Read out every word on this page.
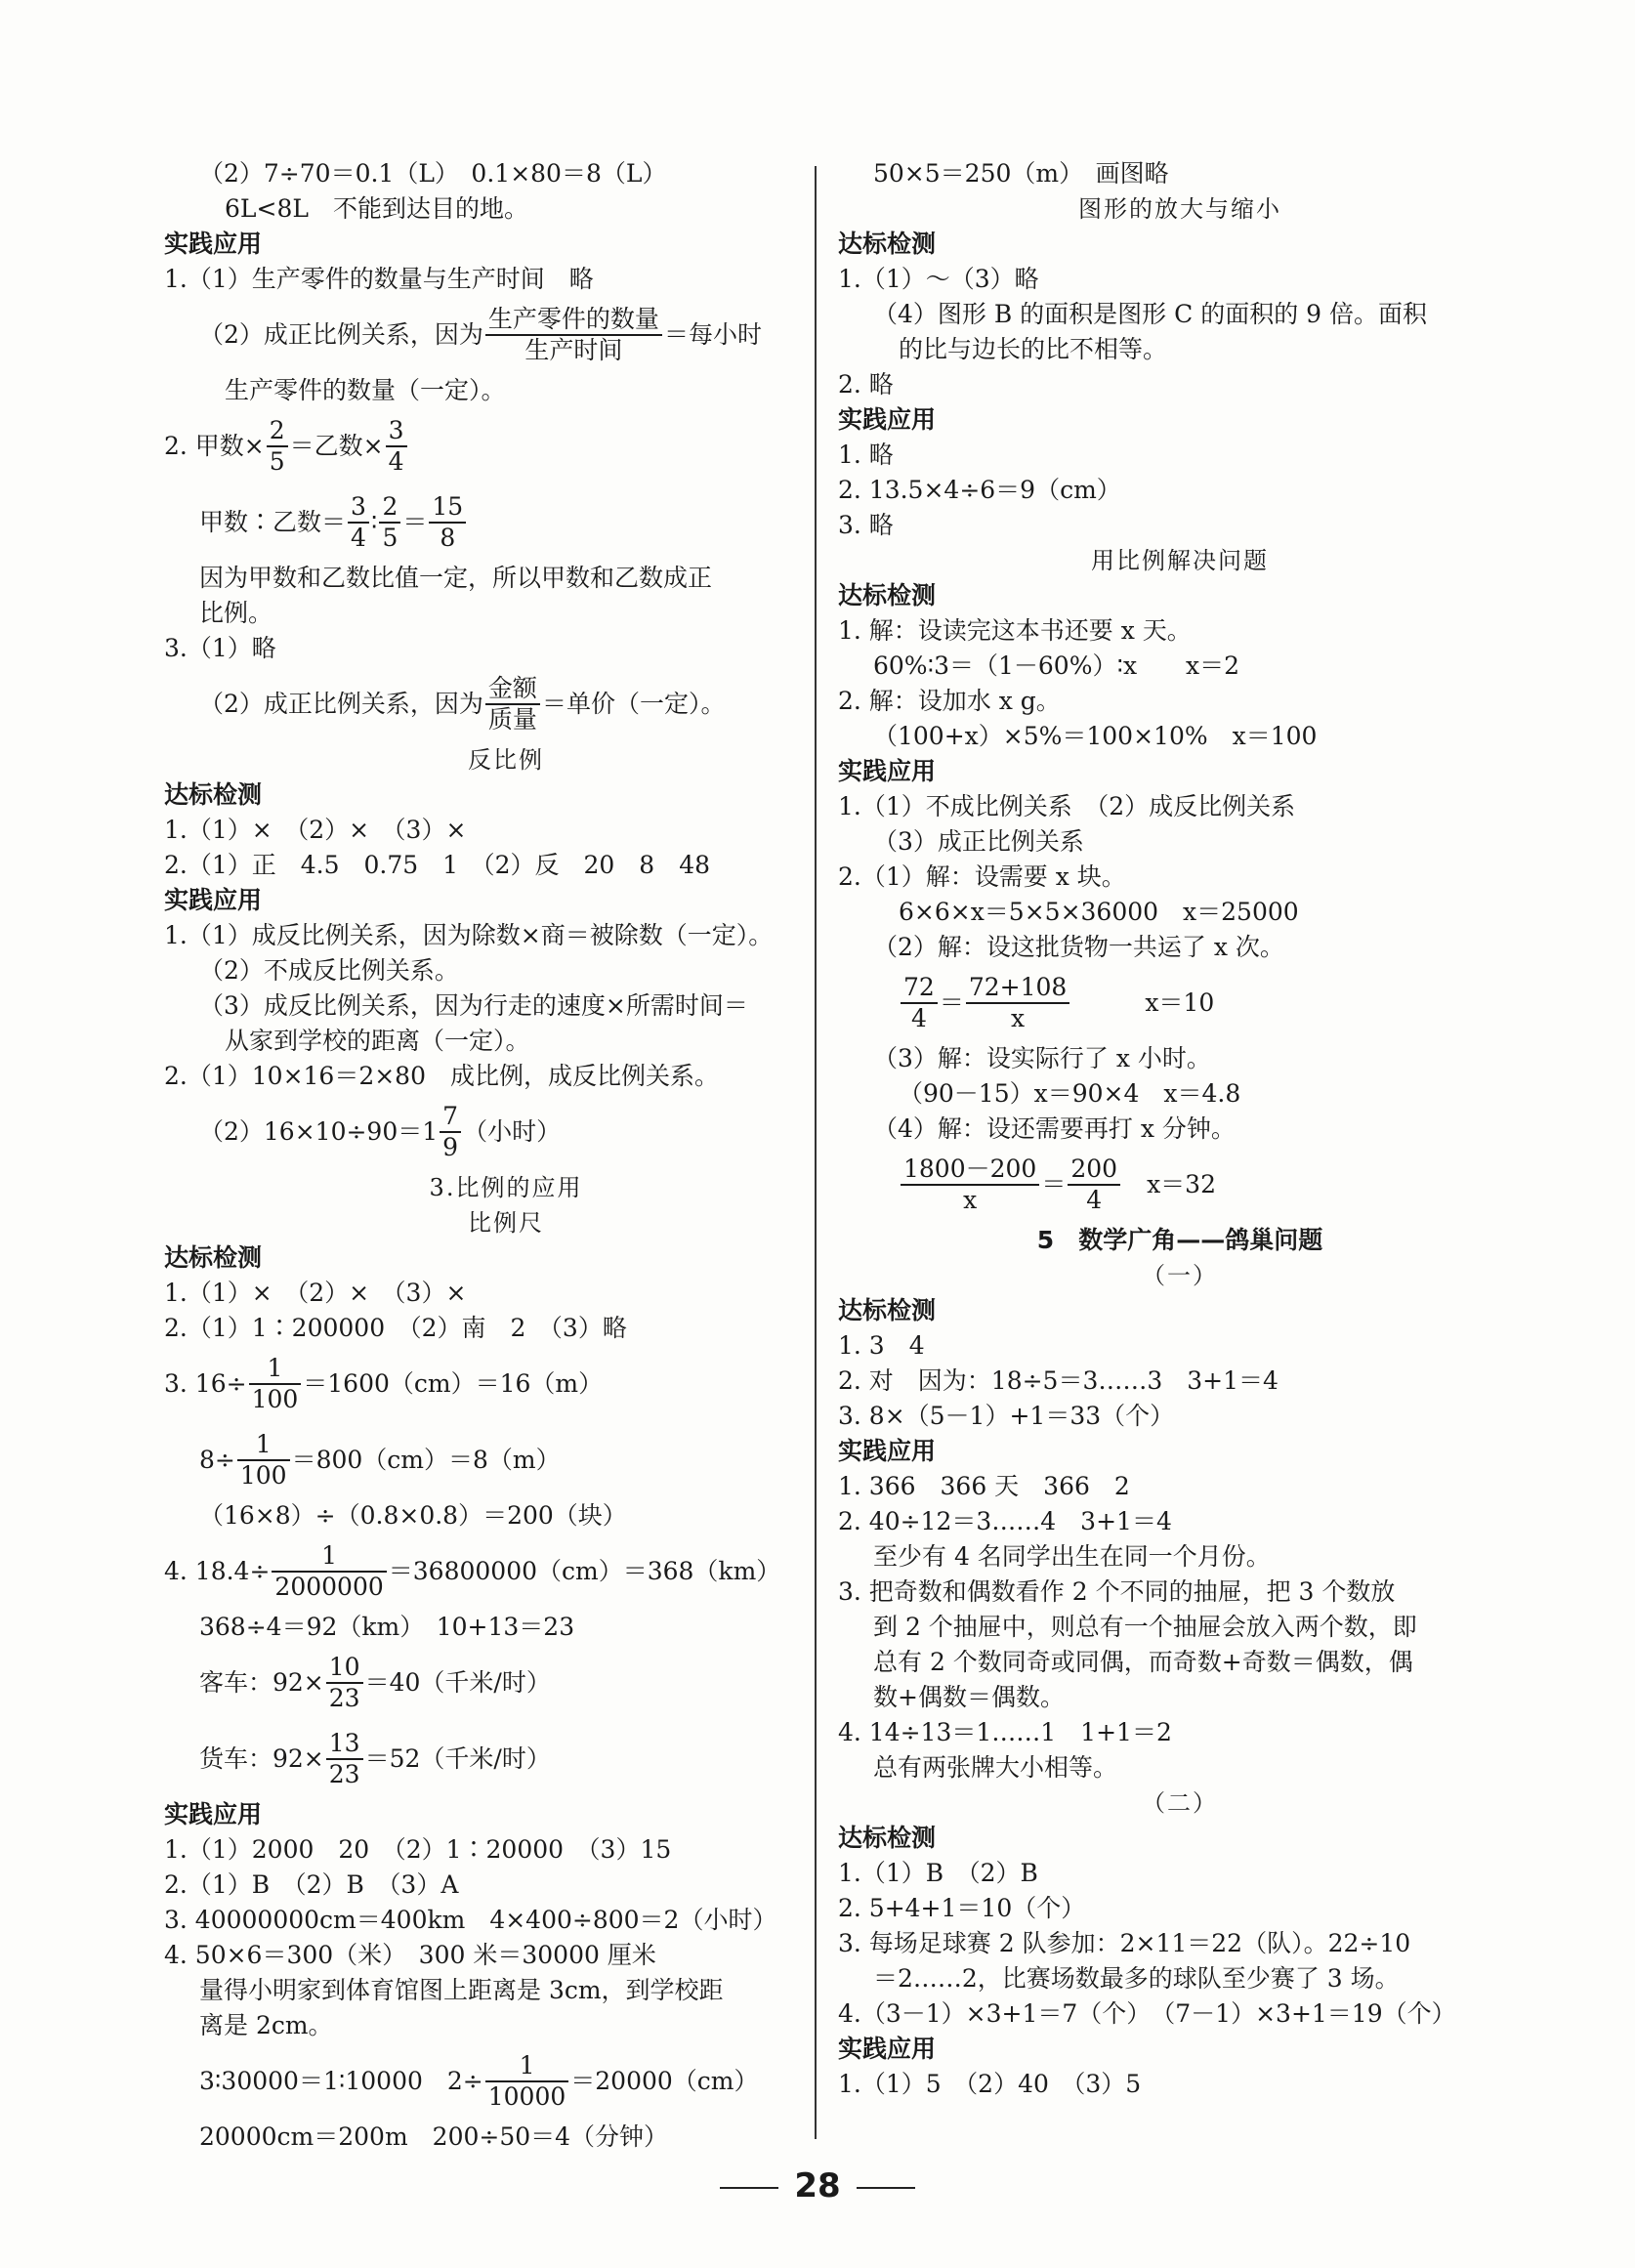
（2）7÷70＝0.1（L）　0.1×80＝8（L）
6L<8L　不能到达目的地。
实践应用
1.（1）生产零件的数量与生产时间　略
（2）成正比例关系，因为 $\frac{\text{生产零件的数量}}{\text{生产时间}}$ ＝每小时
生产零件的数量（一定）。
2. 甲数× $\frac{2}{5}$ ＝乙数× $\frac{3}{4}$
甲数∶乙数＝ $\frac{3}{4}$ ∶ $\frac{2}{5} = \frac{15}{8}$
因为甲数和乙数比值一定，所以甲数和乙数成正
比例。
3.（1）略
（2）成正比例关系，因为 $\frac{\text{金额}}{\text{质量}}$ ＝单价（一定）。
反比例
达标检测
1.（1）×　（2）×　（3）×
2.（1）正　4.5　0.75　1　（2）反　20　8　48
实践应用
1.（1）成反比例关系，因为除数×商＝被除数（一定）。
（2）不成反比例关系。
（3）成反比例关系，因为行走的速度×所需时间＝
从家到学校的距离（一定）。
2.（1）10×16＝2×80　成比例，成反比例关系。
$(2)16\times 10\div 90=1 \frac{7}{9}$ （小时）
3.比例的应用
比例尺
达标检测
1.（1）×　（2）×　（3）×
2.（1）1∶200000　（2）南　2　（3）略
3. $16\div \frac{1}{100} =1600(cm)=16(m)$
$8\div \frac{1}{100} =800(cm)=8(m)$
（16×8）÷（0.8×0.8）＝200（块）
4. $18.4\div \frac{1}{2000000} =36800000(cm)=368(km)$
368÷4＝92（km）　10+13＝23
客车：$92\times \frac{10}{23} =40$（千米/时）
货车：$92\times \frac{13}{23} =52$（千米/时）
实践应用
1.（1）2000　20　（2）1∶20000　（3）15
2.（1）B　（2）B　（3）A
3. 40000000cm＝400km　4×400÷800＝2（小时）
4. 50×6＝300（米）　300 米＝30000 厘米
量得小明家到体育馆图上距离是 3cm，到学校距
离是 2cm。
3∶30000＝1∶10000　$2\div \frac{1}{10000} =20000(cm)$
20000cm＝200m　200÷50＝4（分钟）
50×5＝250（m）　画图略
图形的放大与缩小
达标检测
1.（1）～（3）略
（4）图形 B 的面积是图形 C 的面积的 9 倍。面积
的比与边长的比不相等。
2. 略
实践应用
1. 略
2. 13.5×4÷6＝9（cm）
3. 略
用比例解决问题
达标检测
1. 解：设读完这本书还要 x 天。
60%∶3＝（1－60%）∶x　　x＝2
2. 解：设加水 x g。
（100+x）×5%＝100×10%　x＝100
实践应用
1.（1）不成比例关系　（2）成反比例关系
（3）成正比例关系
2.（1）解：设需要 x 块。
6×6×x＝5×5×36000　x＝25000
（2）解：设这批货物一共运了 x 次。
$\frac{72}{4} = \frac{72+108}{x}$ 　　　x＝10
（3）解：设实际行了 x 小时。
（90－15）x＝90×4　x＝4.8
（4）解：设还需要再打 x 分钟。
$\frac{1800-200}{x} = \frac{200}{4}$ 　x＝32
5　数学广角——鸽巢问题
（一）
达标检测
1. 3　4
2. 对　因为：18÷5＝3……3　3+1＝4
3. 8×（5－1）+1＝33（个）
实践应用
1. 366　366 天　366　2
2. 40÷12＝3……4　3+1＝4
至少有 4 名同学出生在同一个月份。
3. 把奇数和偶数看作 2 个不同的抽屉，把 3 个数放
到 2 个抽屉中，则总有一个抽屉会放入两个数，即
总有 2 个数同奇或同偶，而奇数+奇数＝偶数，偶
数+偶数＝偶数。
4. 14÷13＝1……1　1+1＝2
总有两张牌大小相等。
（二）
达标检测
1.（1）B　（2）B
2. 5+4+1＝10（个）
3. 每场足球赛 2 队参加：2×11＝22（队）。22÷10
＝2……2，比赛场数最多的球队至少赛了 3 场。
4.（3－1）×3+1＝7（个）　（7－1）×3+1＝19（个）
实践应用
1.（1）5　（2）40　（3）5
28
